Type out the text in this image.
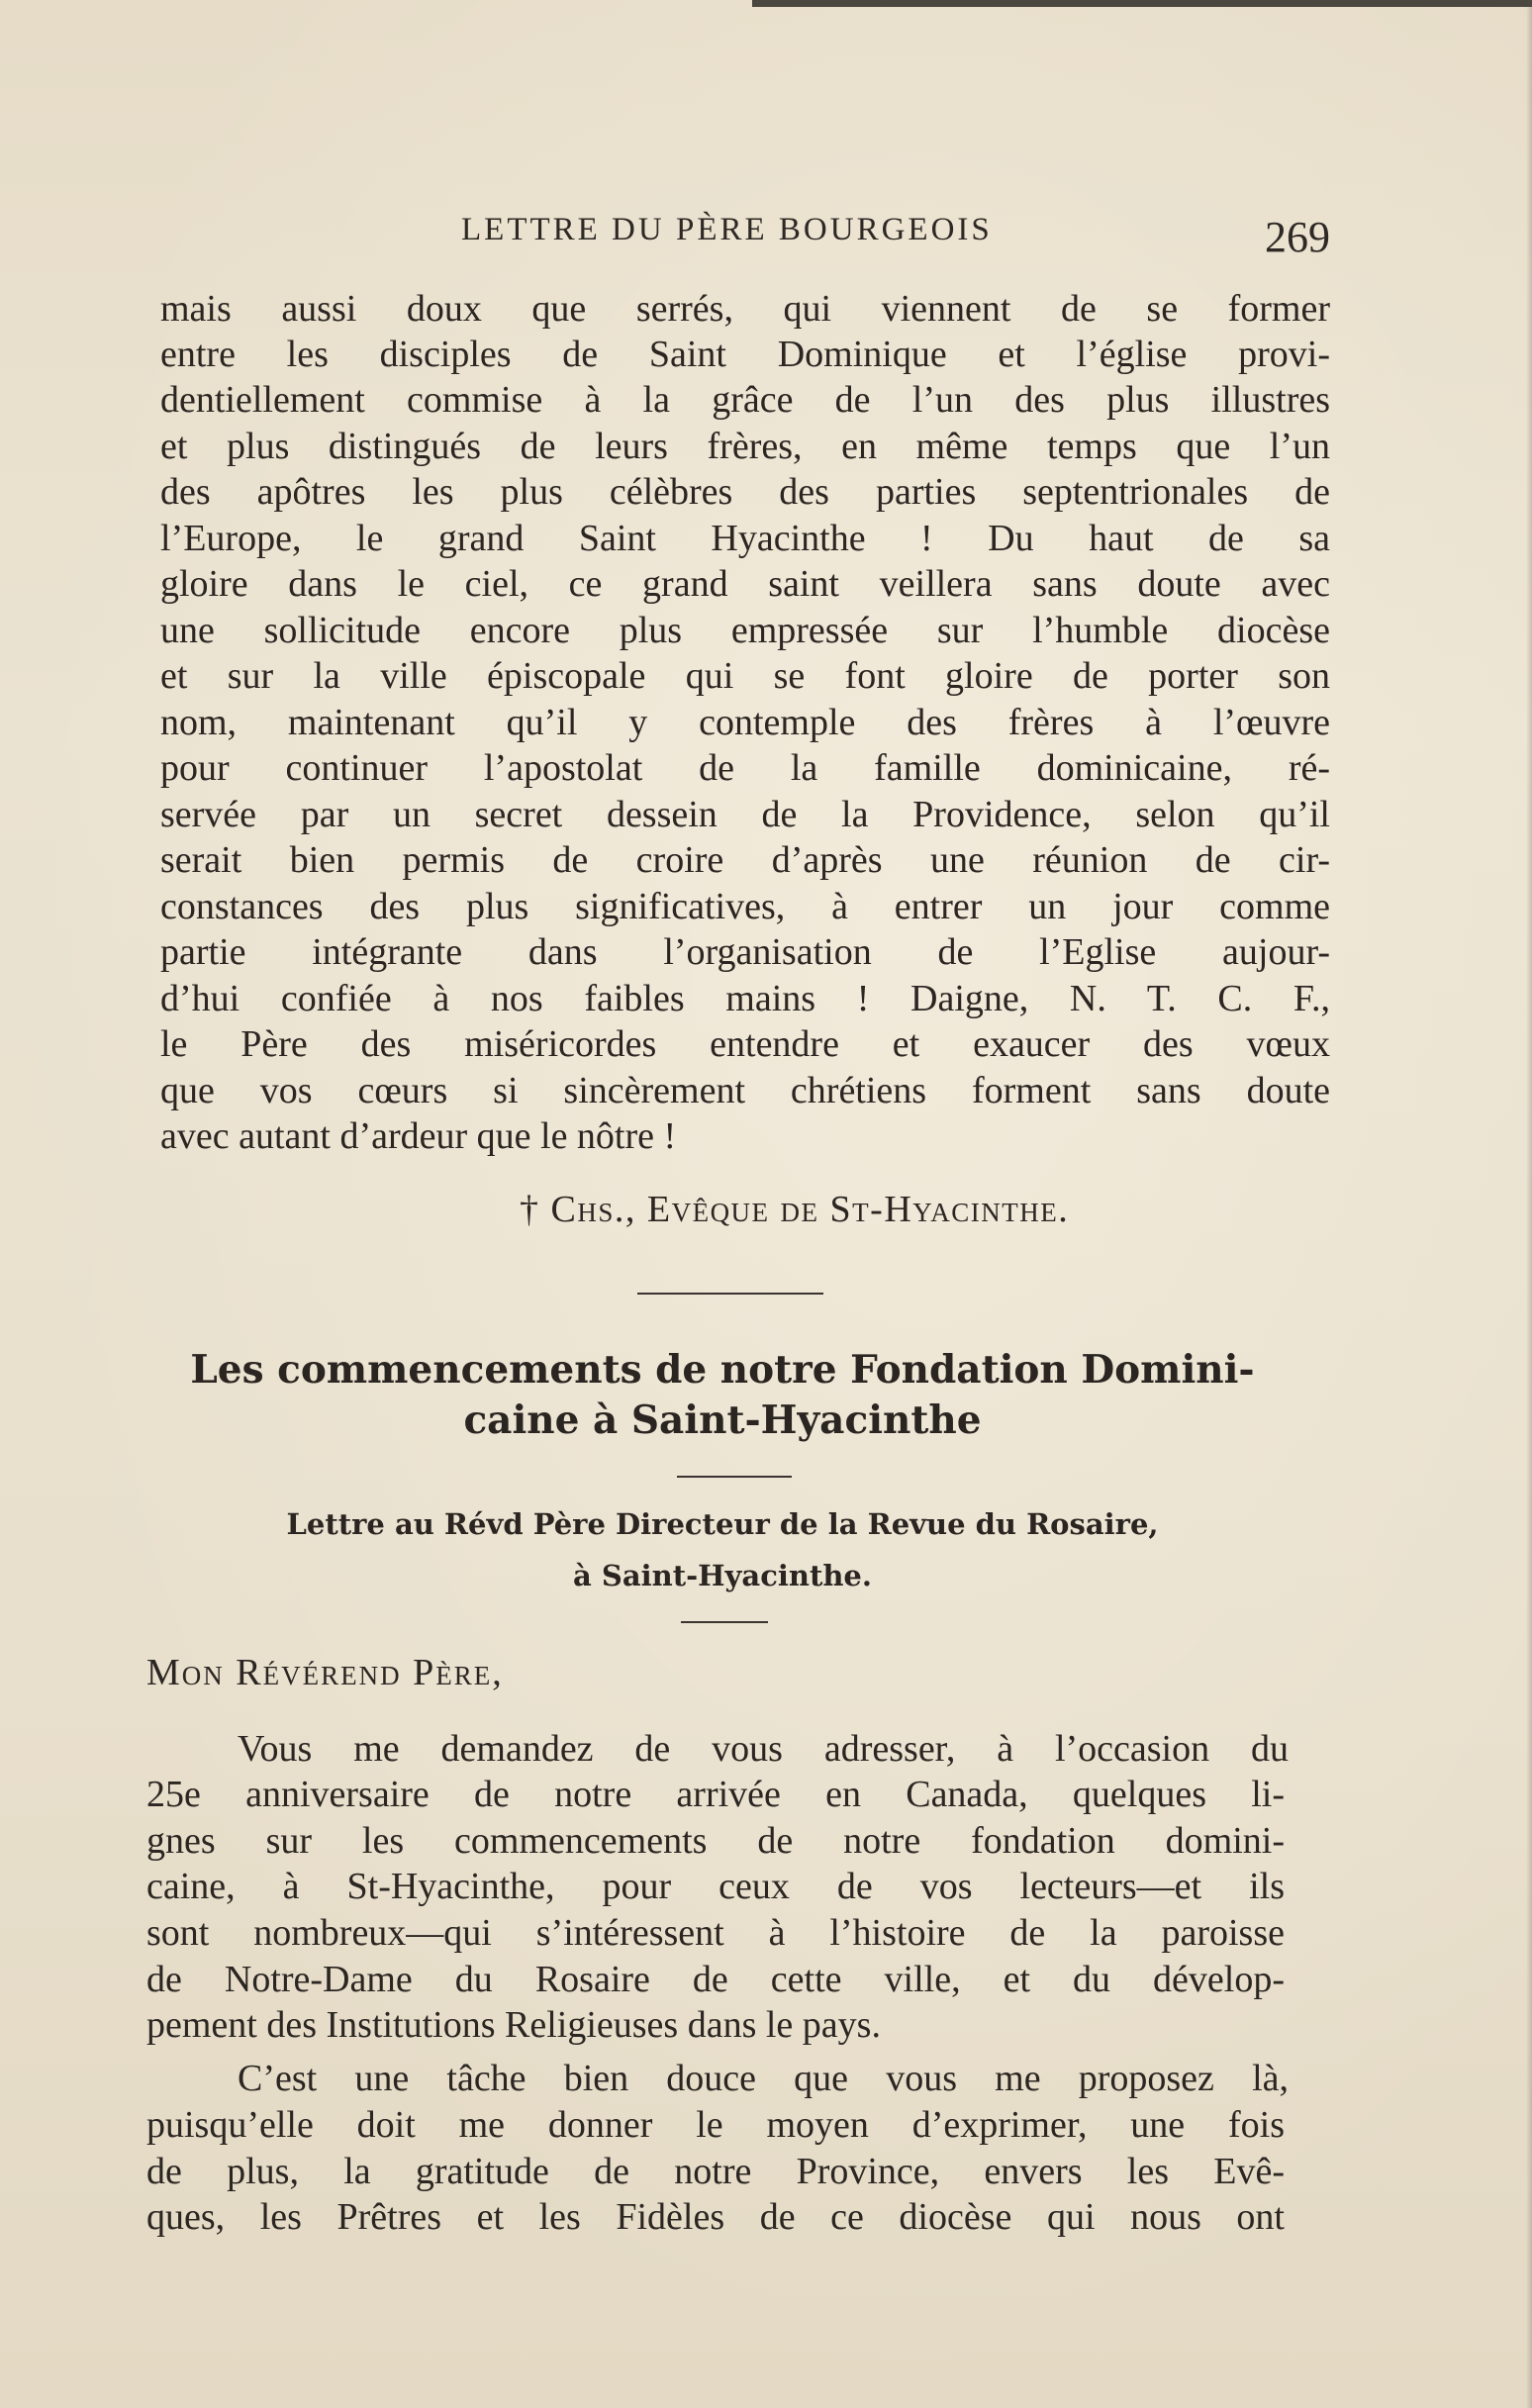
LETTRE DU PÈRE BOURGEOIS	269
mais aussi doux que serrés, qui viennent de se former
entre les disciples de Saint Dominique et l’église provi-
dentiellement commise à la grâce de l’un des plus illustres
et plus distingués de leurs frères, en même temps que l’un
des apôtres les plus célèbres des parties septentrionales de
l’Europe, le grand Saint Hyacinthe ! Du haut de sa
gloire dans le ciel, ce grand saint veillera sans doute avec
une sollicitude encore plus empressée sur l’humble diocèse
et sur la ville épiscopale qui se font gloire de porter son
nom, maintenant qu’il y contemple des frères à l’œuvre
pour continuer l’apostolat de la famille dominicaine, ré-
servée par un secret dessein de la Providence, selon qu’il
serait bien permis de croire d’après une réunion de cir-
constances des plus significatives, à entrer un jour comme
partie intégrante dans l’organisation de l’Eglise aujour-
d’hui confiée à nos faibles mains ! Daigne, N. T. C. F.,
le Père des miséricordes entendre et exaucer des vœux
que vos cœurs si sincèrement chrétiens forment sans doute
avec autant d’ardeur que le nôtre !
† Chs., Evêque de St-Hyacinthe.
Les commencements de notre Fondation Domini-
caine à Saint-Hyacinthe
Lettre au Révd Père Directeur de la Revue du Rosaire,
à Saint-Hyacinthe.
Mon Révérend Père,
Vous me demandez de vous adresser, à l’occasion du
25e anniversaire de notre arrivée en Canada, quelques li-
gnes sur les commencements de notre fondation domini-
caine, à St-Hyacinthe, pour ceux de vos lecteurs—et ils
sont nombreux—qui s’intéressent à l’histoire de la paroisse
de Notre-Dame du Rosaire de cette ville, et du dévelop-
pement des Institutions Religieuses dans le pays.
C’est une tâche bien douce que vous me proposez là,
puisqu’elle doit me donner le moyen d’exprimer, une fois
de plus, la gratitude de notre Province, envers les Evê-
ques, les Prêtres et les Fidèles de ce diocèse qui nous ont
